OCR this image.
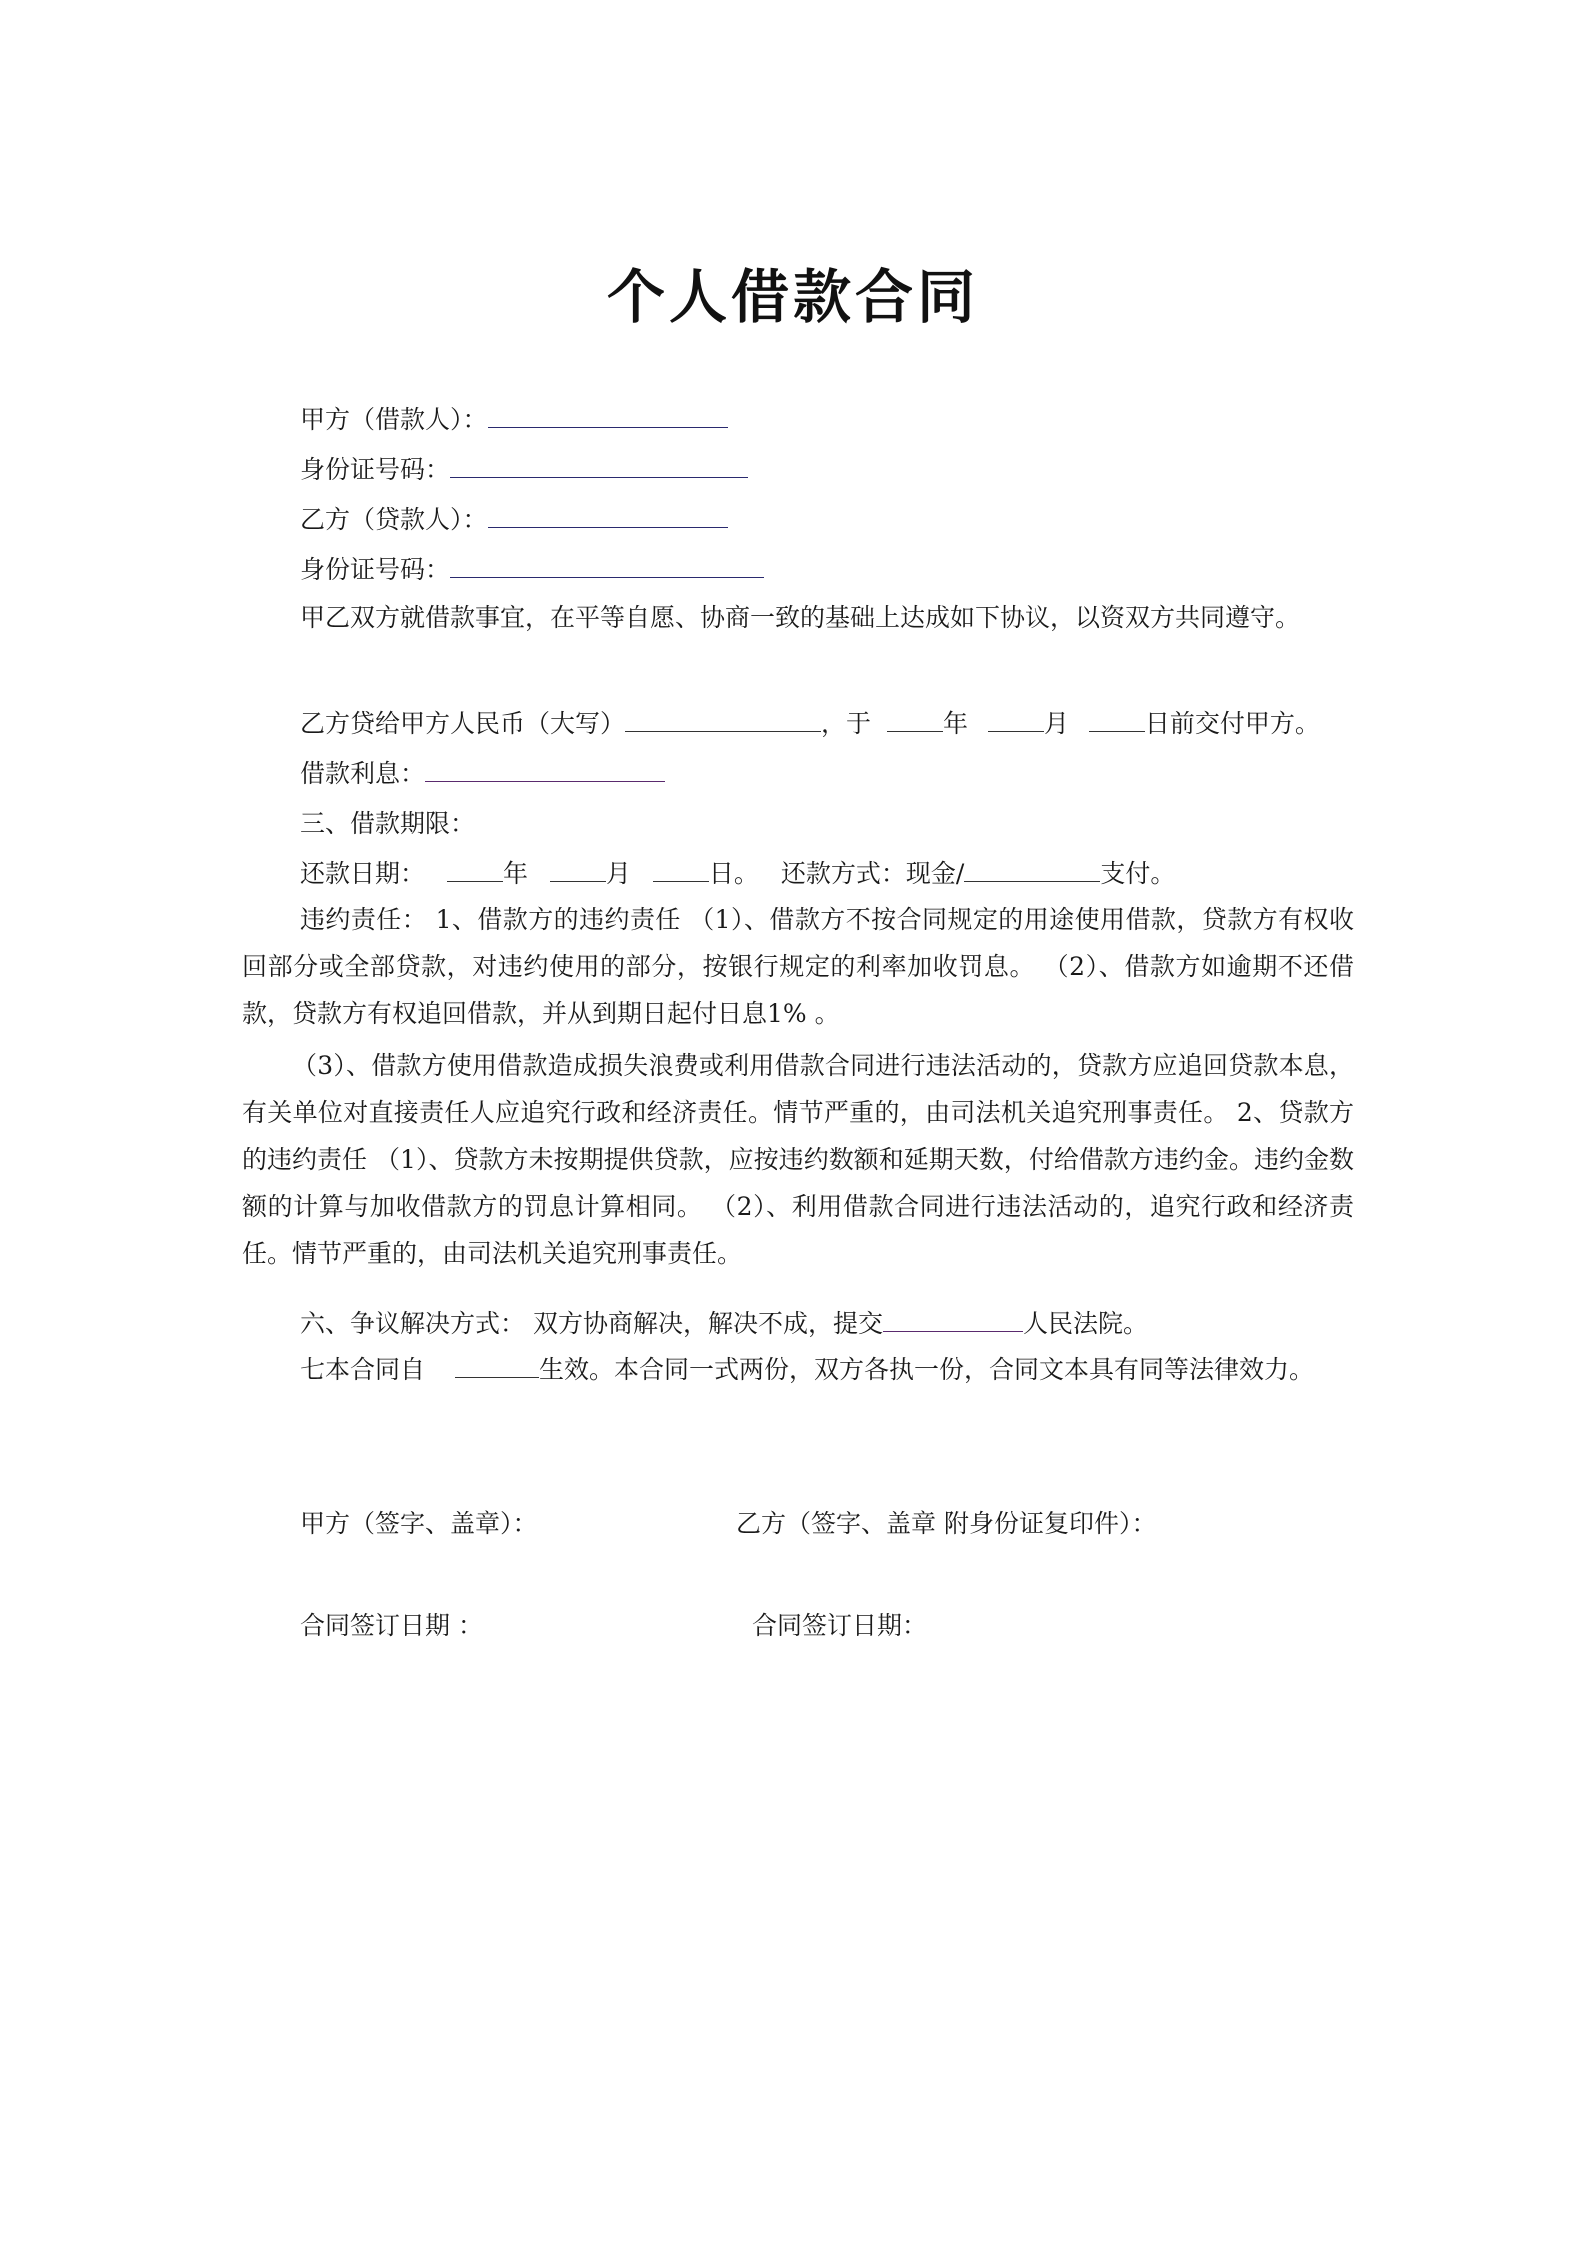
个人借款合同
甲方（借款人）：
身份证号码：
乙方（贷款人）：
身份证号码：
甲乙双方就借款事宜，在平等自愿、协商一致的基础上达成如下协议，以资双方共同遵守。
乙方贷给甲方人民币（大写）	，于	年	月	日前交付甲方。
借款利息：
三、借款期限：
还款日期：	年	月	日。 还款方式：现金/	支付。
违约责任： 1、借款方的违约责任 （1）、借款方不按合同规定的用途使用借款，贷款方有权收回部分或全部贷款，对违约使用的部分，按银行规定的利率加收罚息。 （2）、借款方如逾期不还借款，贷款方有权追回借款，并从到期日起付日息1% 。
（3）、借款方使用借款造成损失浪费或利用借款合同进行违法活动的，贷款方应追回贷款本息，有关单位对直接责任人应追究行政和经济责任。情节严重的，由司法机关追究刑事责任。 2、贷款方的违约责任 （1）、贷款方未按期提供贷款，应按违约数额和延期天数，付给借款方违约金。违约金数额的计算与加收借款方的罚息计算相同。 （2）、利用借款合同进行违法活动的，追究行政和经济责任。情节严重的，由司法机关追究刑事责任。
六、争议解决方式： 双方协商解决，解决不成，提交	人民法院。
七本合同自	生效。本合同一式两份，双方各执一份，合同文本具有同等法律效力。
甲方（签字、盖章）：	乙方（签字、盖章 附身份证复印件）：
合同签订日期 ：	合同签订日期：
